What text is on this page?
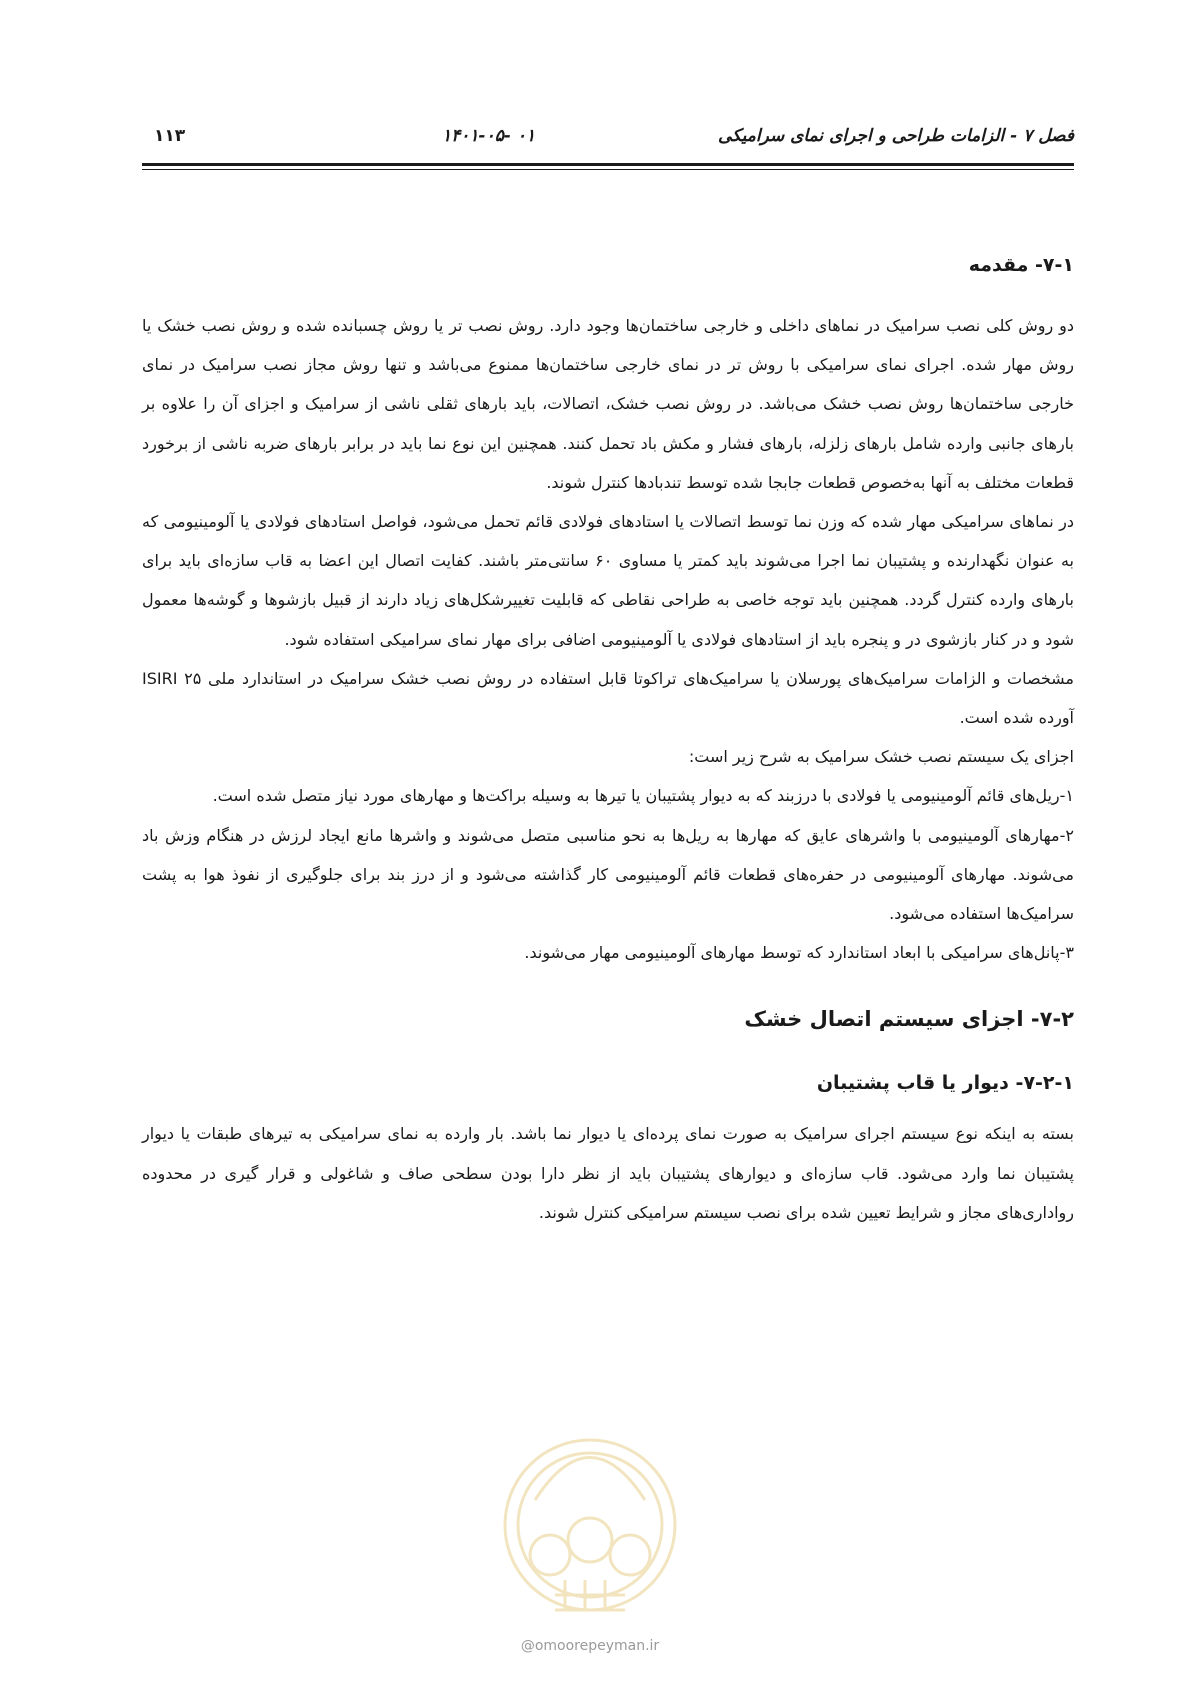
فصل ۷ - الزامات طراحی و اجرای نمای سرامیکی
۱۴۰۱-۰۵- ۰۱
۱۱۳
۷-۱- مقدمه

دو روش کلی نصب سرامیک در نماهای داخلی و خارجی ساختمان‌ها وجود دارد. روش نصب تر یا روش چسبانده شده و روش نصب خشک یا روش مهار شده. اجرای نمای سرامیکی با روش تر در نمای خارجی ساختمان‌ها ممنوع می‌باشد و تنها روش مجاز نصب سرامیک در نمای خارجی ساختمان‌ها روش نصب خشک می‌باشد. در روش نصب خشک، اتصالات، باید بارهای ثقلی ناشی از سرامیک و اجزای آن را علاوه بر بارهای جانبی وارده شامل بارهای زلزله، بارهای فشار و مکش باد تحمل کنند. همچنین این نوع نما باید در برابر بارهای ضربه ناشی از برخورد قطعات مختلف به آنها به‌خصوص قطعات جابجا شده توسط تندبادها کنترل شوند.

در نماهای سرامیکی مهار شده که وزن نما توسط اتصالات یا استادهای فولادی قائم تحمل می‌شود، فواصل استادهای فولادی یا آلومینیومی که به عنوان نگهدارنده و پشتیبان نما اجرا می‌شوند باید کمتر یا مساوی ۶۰ سانتی‌متر باشند. کفایت اتصال این اعضا به قاب سازه‌ای باید برای بارهای وارده کنترل گردد. همچنین باید توجه خاصی به طراحی نقاطی که قابلیت تغییرشکل‌های زیاد دارند از قبیل بازشوها و گوشه‌ها معمول شود و در کنار بازشوی در و پنجره باید از استادهای فولادی یا آلومینیومی اضافی برای مهار نمای سرامیکی استفاده شود.

مشخصات و الزامات سرامیک‌های پورسلان یا سرامیک‌های تراکوتا قابل استفاده در روش نصب خشک سرامیک در استاندارد ملی ۲۵ ISIRI آورده شده است.

اجزای یک سیستم نصب خشک سرامیک به شرح زیر است:

۱-ریل‌های قائم آلومینیومی یا فولادی با درزبند که به دیوار پشتیبان یا تیرها به وسیله براکت‌ها و مهارهای مورد نیاز متصل شده است.

۲-مهارهای آلومینیومی با واشرهای عایق که مهارها به ریل‌ها به نحو مناسبی متصل می‌شوند و واشرها مانع ایجاد لرزش در هنگام وزش باد می‌شوند. مهارهای آلومینیومی در حفره‌های قطعات قائم آلومینیومی کار گذاشته می‌شود و از درز بند برای جلوگیری از نفوذ هوا به پشت سرامیک‌ها استفاده می‌شود.

۳-پانل‌های سرامیکی با ابعاد استاندارد که توسط مهارهای آلومینیومی مهار می‌شوند.

۷-۲- اجزای سیستم اتصال خشک
۷-۲-۱- دیوار یا قاب پشتیبان

بسته به اینکه نوع سیستم اجرای سرامیک به صورت نمای پرده‌ای یا دیوار نما باشد. بار وارده به نمای سرامیکی به تیرهای طبقات یا دیوار پشتیبان نما وارد می‌شود. قاب سازه‌ای و دیوارهای پشتیبان باید از نظر دارا بودن سطحی صاف و شاغولی و قرار گیری در محدوده رواداری‌های مجاز و شرایط تعیین شده برای نصب سیستم سرامیکی کنترل شوند.

@omoorepeyman.ir
